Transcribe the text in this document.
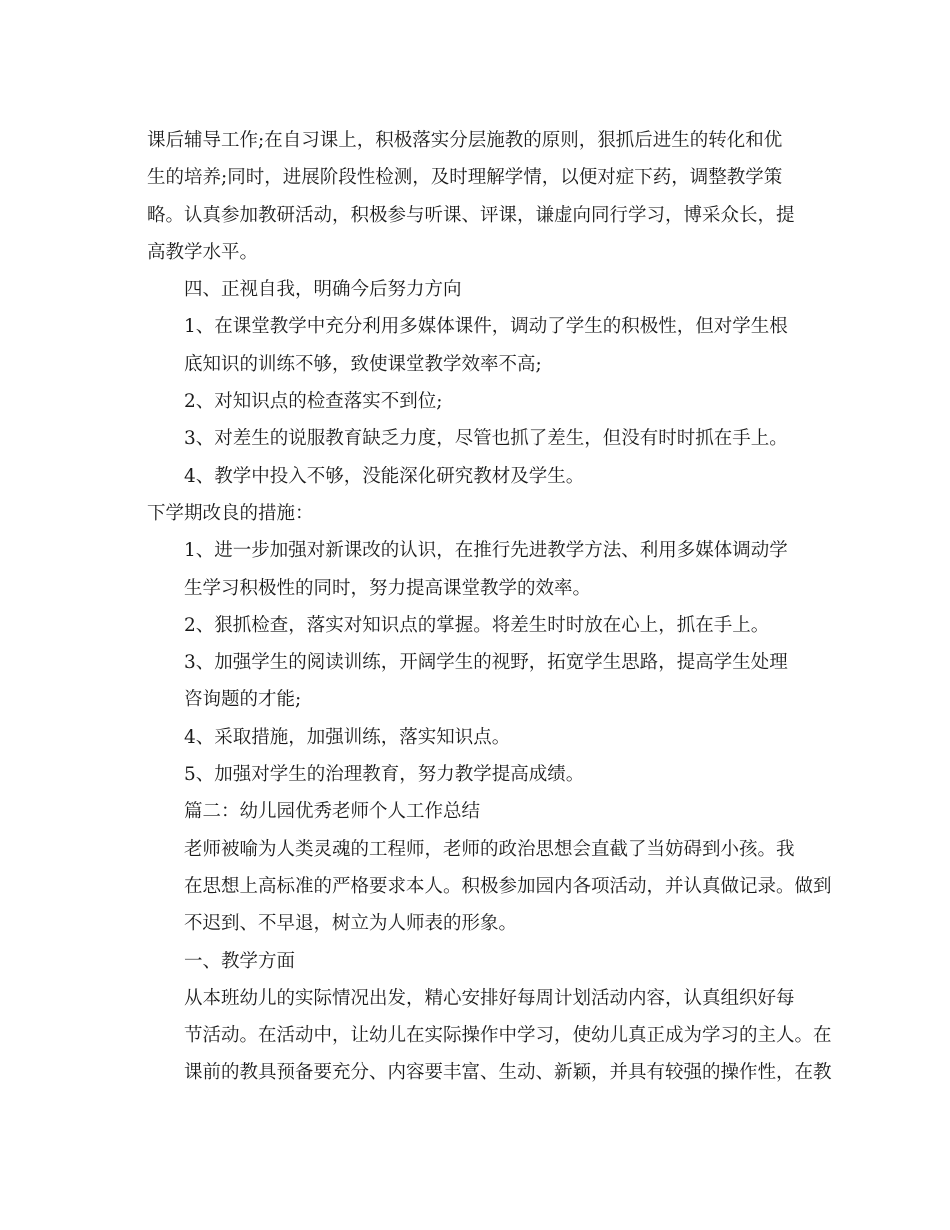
课后辅导工作;在自习课上，积极落实分层施教的原则，狠抓后进生的转化和优
生的培养;同时，进展阶段性检测，及时理解学情，以便对症下药，调整教学策
略。认真参加教研活动，积极参与听课、评课，谦虚向同行学习，博采众长，提
高教学水平。

四、正视自我，明确今后努力方向

1、在课堂教学中充分利用多媒体课件，调动了学生的积极性，但对学生根
底知识的训练不够，致使课堂教学效率不高;

2、对知识点的检查落实不到位;

3、对差生的说服教育缺乏力度，尽管也抓了差生，但没有时时抓在手上。

4、教学中投入不够，没能深化研究教材及学生。

下学期改良的措施：

1、进一步加强对新课改的认识，在推行先进教学方法、利用多媒体调动学
生学习积极性的同时，努力提高课堂教学的效率。

2、狠抓检查，落实对知识点的掌握。将差生时时放在心上，抓在手上。

3、加强学生的阅读训练，开阔学生的视野，拓宽学生思路，提高学生处理
咨询题的才能;

4、采取措施，加强训练，落实知识点。

5、加强对学生的治理教育，努力教学提高成绩。

篇二：幼儿园优秀老师个人工作总结

老师被喻为人类灵魂的工程师，老师的政治思想会直截了当妨碍到小孩。我
在思想上高标准的严格要求本人。积极参加园内各项活动，并认真做记录。做到
不迟到、不早退，树立为人师表的形象。

一、教学方面

从本班幼儿的实际情况出发，精心安排好每周计划活动内容，认真组织好每
节活动。在活动中，让幼儿在实际操作中学习，使幼儿真正成为学习的主人。在
课前的教具预备要充分、内容要丰富、生动、新颖，并具有较强的操作性，在教
